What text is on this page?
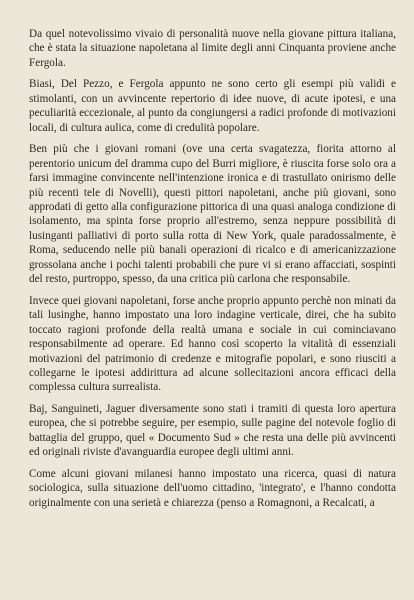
Da quel notevolissimo vivaio di personalità nuove nella giovane pittura italiana, che è stata la situazione napoletana al limite degli anni Cinquanta proviene anche Fergola.

Biasi, Del Pezzo, e Fergola appunto ne sono certo gli esempi più validi e stimolanti, con un avvincente repertorio di idee nuove, di acute ipotesi, e una peculiarità eccezionale, al punto da congiungersi a radici profonde di motivazioni locali, di cultura aulica, come di credulità popolare.

Ben più che i giovani romani (ove una certa svagatezza, fiorita attorno al perentorio unicum del dramma cupo del Burri migliore, è riuscita forse solo ora a farsi immagine convincente nell'intenzione ironica e di trastullato onirismo delle più recenti tele di Novelli), questi pittori napoletani, anche più giovani, sono approdati di getto alla configurazione pittorica di una quasi analoga condizione di isolamento, ma spinta forse proprio all'estremo, senza neppure possibilità di lusinganti palliativi di porto sulla rotta di New York, quale paradossalmente, è Roma, seducendo nelle più banali operazioni di ricalco e di americanizzazione grossolana anche i pochi talenti probabili che pure vi si erano affacciati, sospinti del resto, purtroppo, spesso, da una critica più carlona che responsabile.

Invece quei giovani napoletani, forse anche proprio appunto perchè non minati da tali lusinghe, hanno impostato una loro indagine verticale, direi, che ha subito toccato ragioni profonde della realtà umana e sociale in cui cominciavano responsabilmente ad operare. Ed hanno così scoperto la vitalità di essenziali motivazioni del patrimonio di credenze e mitografie popolari, e sono riusciti a collegarne le ipotesi addirittura ad alcune sollecitazioni ancora efficaci della complessa cultura surrealista.

Baj, Sanguineti, Jaguer diversamente sono stati i tramiti di questa loro apertura europea, che si potrebbe seguire, per esempio, sulle pagine del notevole foglio di battaglia del gruppo, quel « Documento Sud » che resta una delle più avvincenti ed originali riviste d'avanguardia europee degli ultimi anni.

Come alcuni giovani milanesi hanno impostato una ricerca, quasi di natura sociologica, sulla situazione dell'uomo cittadino, 'integrato', e l'hanno condotta originalmente con una serietà e chiarezza (penso a Romagnoni, a Recalcati, a
